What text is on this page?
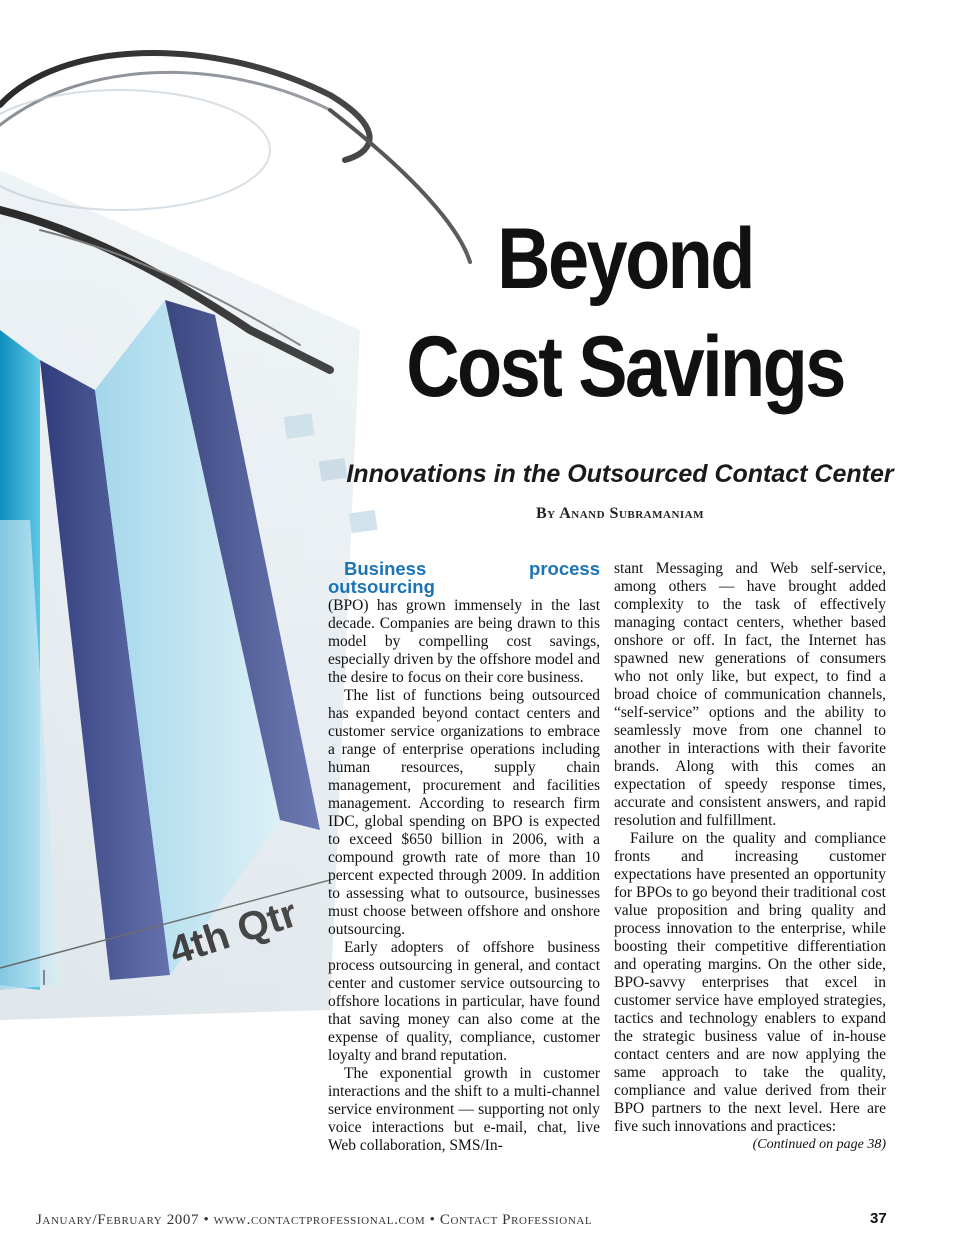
Beyond
Cost Savings

Innovations in the Outsourced Contact Center

By Anand Subramaniam

Business process outsourcing

(BPO) has grown immensely in the last decade. Companies are being drawn to this model by compelling cost savings, especially driven by the offshore model and the desire to focus on their core business.

The list of functions being outsourced has expanded beyond contact centers and customer service organizations to embrace a range of enterprise operations including human resources, supply chain management, procurement and facilities management. According to research firm IDC, global spending on BPO is expected to exceed $650 billion in 2006, with a compound growth rate of more than 10 percent expected through 2009. In addition to assessing what to outsource, businesses must choose between offshore and onshore outsourcing.

Early adopters of offshore business process outsourcing in general, and contact center and customer service outsourcing to offshore locations in particular, have found that saving money can also come at the expense of quality, compliance, customer loyalty and brand reputation.

The exponential growth in customer interactions and the shift to a multi-channel service environment — supporting not only voice interactions but e-mail, chat, live Web collaboration, SMS/In-

stant Messaging and Web self-service, among others — have brought added complexity to the task of effectively managing contact centers, whether based onshore or off. In fact, the Internet has spawned new generations of consumers who not only like, but expect, to find a broad choice of communication channels, “self-service” options and the ability to seamlessly move from one channel to another in interactions with their favorite brands. Along with this comes an expectation of speedy response times, accurate and consistent answers, and rapid resolution and fulfillment.

Failure on the quality and compliance fronts and increasing customer expectations have presented an opportunity for BPOs to go beyond their traditional cost value proposition and bring quality and process innovation to the enterprise, while boosting their competitive differentiation and operating margins. On the other side, BPO-savvy enterprises that excel in customer service have employed strategies, tactics and technology enablers to expand the strategic business value of in-house contact centers and are now applying the same approach to take the quality, compliance and value derived from their BPO partners to the next level. Here are five such innovations and practices:

(Continued on page 38)

January/February 2007 • www.contactprofessional.com • Contact Professional	37
